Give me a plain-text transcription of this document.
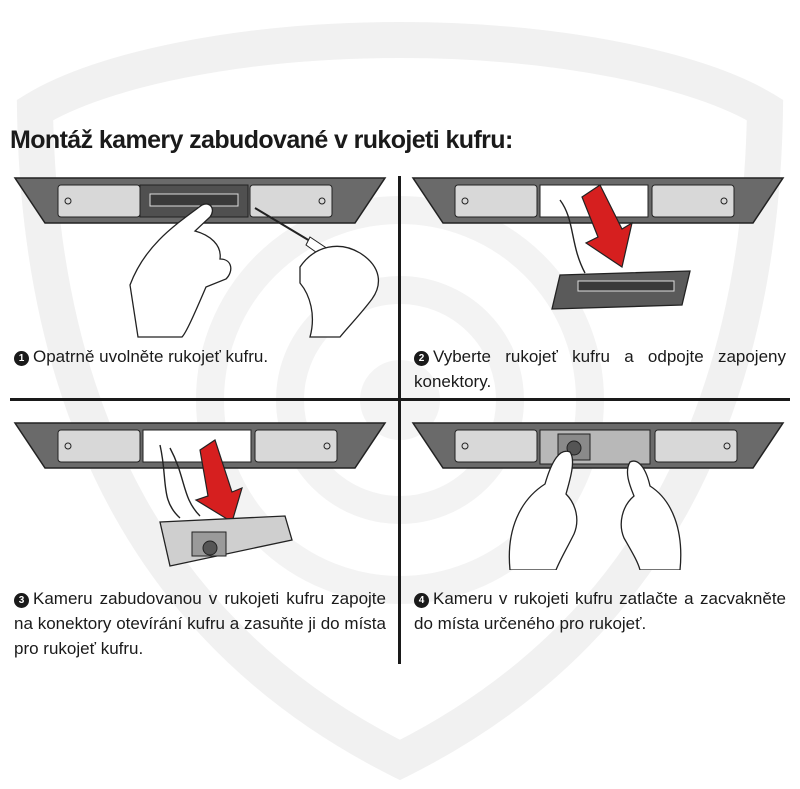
Montáž kamery zabudované v rukojeti kufru:
1 Opatrně uvolněte rukojeť kufru.	2 Vyberte rukojeť kufru a odpojte zapojeny konektory.
3 Kameru zabudovanou v rukojeti kufru zapojte na konektory otevírání kufru a zasuňte ji do místa pro rukojeť kufru.
4 Kameru v rukojeti kufru zatlačte a zacvakněte do místa určeného pro rukojeť.
